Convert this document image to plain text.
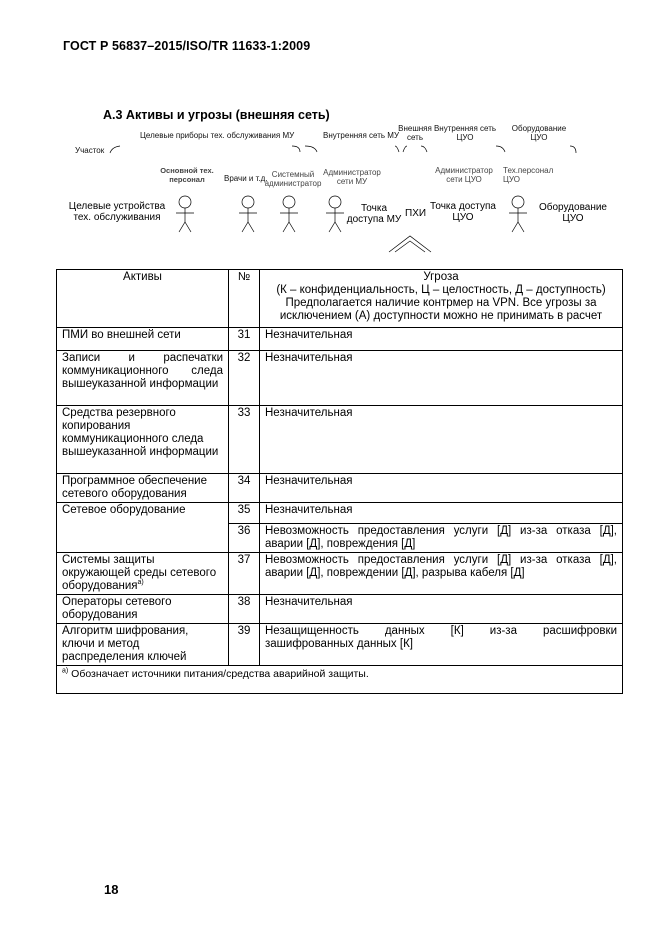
ГОСТ Р 56837–2015/ISO/TR 11633-1:2009
А.3 Активы и угрозы (внешняя сеть)
Участок
Целевые приборы тех. обслуживания МУ	Внутренняя сеть МУ
Внешняя
сеть
Внутренняя сеть
ЦУО
Оборудование
ЦУО
Основной тех.
персонал	Врачи и т.д. Системный
администратор
Администратор
сети МУ
Администратор
сети ЦУО
Тех.персонал
ЦУО
Целевые устройства
тех. обслуживания
Точка
доступа МУ
ПХИ
Точка доступа
ЦУО
Оборудование
ЦУО
Активы	№	Угроза
(К – конфиденциальность, Ц – целостность, Д – доступность)
Предполагается наличие контрмер на VPN. Все угрозы за
исключением (А) доступности можно не принимать в расчет

ПМИ во внешней сети	31	Незначительная
Записи и распечатки коммуникационного следа вышеуказанной информации	32	Незначительная
Средства резервного копирования коммуникационного следа вышеуказанной информации	33	Незначительная
Программное обеспечение сетевого оборудования	34	Незначительная
Сетевое оборудование	35	Незначительная
	36	Невозможность предоставления услуги [Д] из-за отказа [Д], аварии [Д], повреждения [Д]
Системы защиты окружающей среды сетевого оборудования$^{а)}$	37	Невозможность предоставления услуги [Д] из-за отказа [Д], аварии [Д], повреждении [Д], разрыва кабеля [Д]
Операторы сетевого оборудования	38	Незначительная
Алгоритм шифрования, ключи и метод распределения ключей	39	Незащищенность данных [К] из-за расшифровки зашифрованных данных [К]
$^{а)}$ Обозначает источники питания/средства аварийной защиты.		
18
